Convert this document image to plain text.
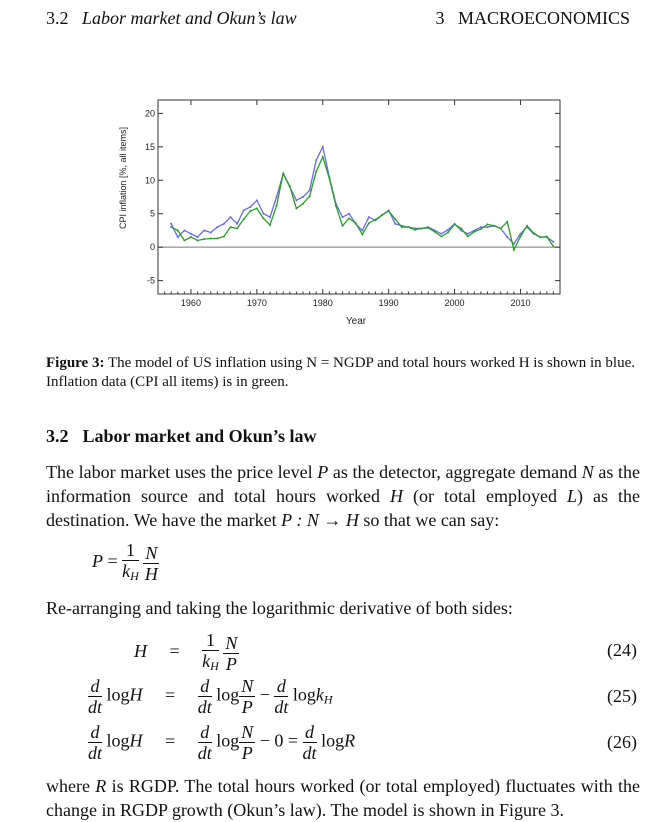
3.2 Labor market and Okun’s law	3 MACROECONOMICS
1960	1970	1980	1990	2000	2010
-5
0
5
10
15
20
CPI inflation [%, all items]
Year
Figure 3: The model of US inflation using N = NGDP and total hours worked H is shown in blue. Inflation data (CPI all items) is in green.
3.2 Labor market and Okun’s law
The labor market uses the price level P as the detector, aggregate demand N as the information source and total hours worked H (or total employed L) as the destination. We have the market P : N → H so that we can say:
$P = \frac{1}{k_H}$
$\frac{N}{H}$
Re-arranging and taking the logarithmic derivative of both sides:
$H = \frac{1}{k_H}$
$\frac{N}{P}$	(24)
$\frac{d}{dt}$ $\log H = \frac{d}{dt}$ $\log \frac{N}{P} - \frac{d}{dt} \log k_H$	(25)
$\frac{d}{dt}$ $\log H = \frac{d}{dt}$ $\log \frac{N}{P} - 0 = \frac{d}{dt}$ logR	(26)
where R is RGDP. The total hours worked (or total employed) fluctuates with the change in RGDP growth (Okun’s law). The model is shown in Figure 3.
